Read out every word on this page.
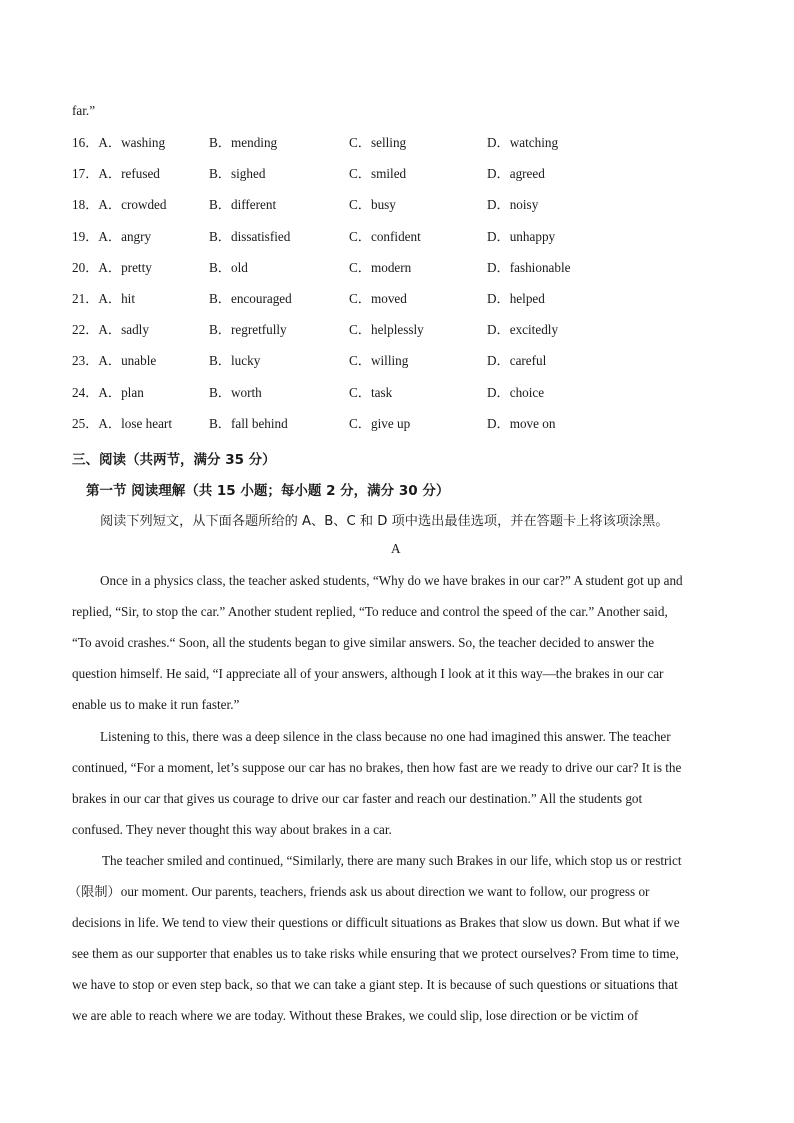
far.”
16．A．washing	B．mending	C．selling	D．watching
17．A．refused	B．sighed	C．smiled	D．agreed
18．A．crowded	B．different	C．busy	D．noisy
19．A．angry	B．dissatisfied	C．confident	D．unhappy
20．A．pretty	B．old	C．modern	D．fashionable
21．A．hit	B．encouraged	C．moved	D．helped
22．A．sadly	B．regretfully	C．helplessly	D．excitedly
23．A．unable	B．lucky	C．willing	D．careful
24．A．plan	B．worth	C．task	D．choice
25．A．lose heart	B．fall behind	C．give up	D．move on
三、阅读（共两节，满分 35 分）
第一节 阅读理解（共 15 小题；每小题 2 分，满分 30 分）
阅读下列短文，从下面各题所给的 A、B、C 和 D 项中选出最佳选项，并在答题卡上将该项涂黑。
A
Once in a physics class, the teacher asked students, “Why do we have brakes in our car?” A student got up and
replied, “Sir, to stop the car.” Another student replied, “To reduce and control the speed of the car.” Another said,
“To avoid crashes.“ Soon, all the students began to give similar answers. So, the teacher decided to answer the
question himself. He said, “I appreciate all of your answers, although I look at it this way—the brakes in our car
enable us to make it run faster.”
Listening to this, there was a deep silence in the class because no one had imagined this answer. The teacher
continued, “For a moment, let’s suppose our car has no brakes, then how fast are we ready to drive our car? It is the
brakes in our car that gives us courage to drive our car faster and reach our destination.” All the students got
confused. They never thought this way about brakes in a car.
The teacher smiled and continued, “Similarly, there are many such Brakes in our life, which stop us or restrict
（限制）our moment. Our parents, teachers, friends ask us about direction we want to follow, our progress or
decisions in life. We tend to view their questions or difficult situations as Brakes that slow us down. But what if we
see them as our supporter that enables us to take risks while ensuring that we protect ourselves? From time to time,
we have to stop or even step back, so that we can take a giant step. It is because of such questions or situations that
we are able to reach where we are today. Without these Brakes, we could slip, lose direction or be victim of
